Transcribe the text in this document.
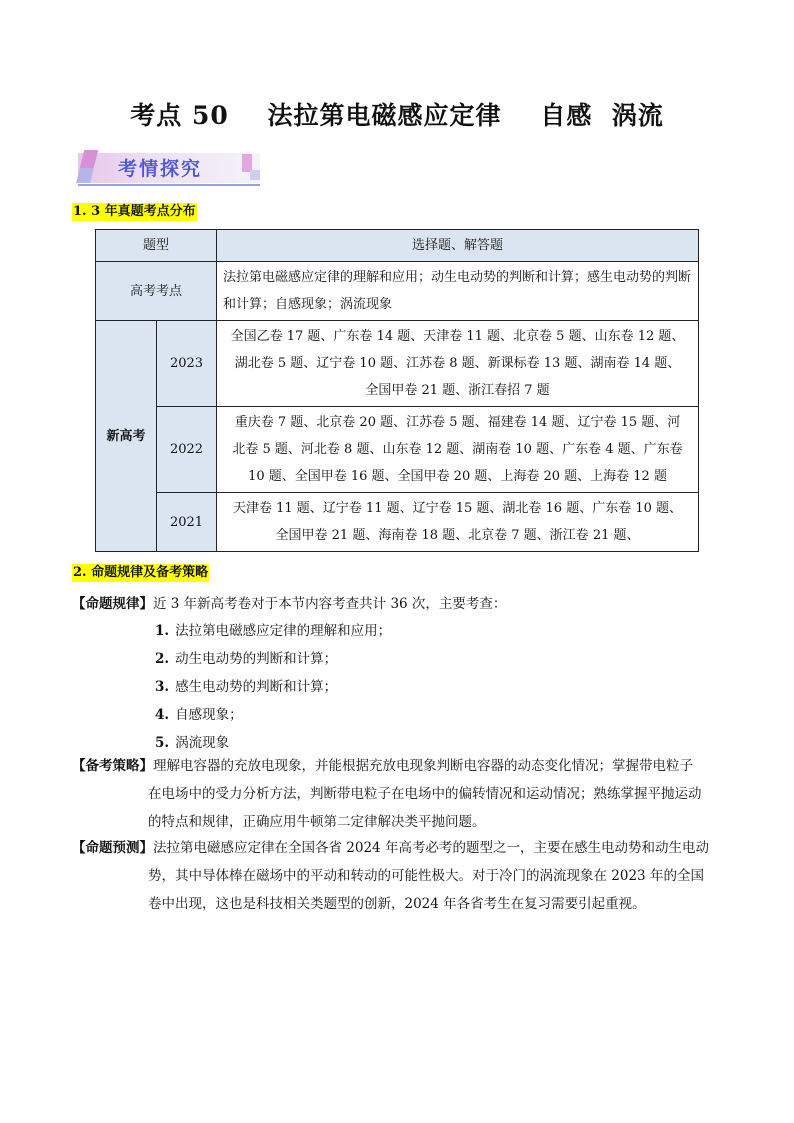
考点 50    法拉第电磁感应定律    自感  涡流
考情探究
1. 3 年真题考点分布
题型		选择题、解答题
高考考点		法拉第电磁感应定律的理解和应用；动生电动势的判断和计算；感生电动势的判断和计算；自感现象；涡流现象
新高考	2023	全国乙卷 17 题、广东卷 14 题、天津卷 11 题、北京卷 5 题、山东卷 12 题、
湖北卷 5 题、辽宁卷 10 题、江苏卷 8 题、新课标卷 13 题、湖南卷 14 题、
全国甲卷 21 题、浙江春招 7 题

	2022	重庆卷 7 题、北京卷 20 题、江苏卷 5 题、福建卷 14 题、辽宁卷 15 题、河
北卷 5 题、河北卷 8 题、山东卷 12 题、湖南卷 10 题、广东卷 4 题、广东卷
10 题、全国甲卷 16 题、全国甲卷 20 题、上海卷 20 题、上海卷 12 题

	2021	天津卷 11 题、辽宁卷 11 题、辽宁卷 15 题、湖北卷 16 题、广东卷 10 题、
全国甲卷 21 题、海南卷 18 题、北京卷 7 题、浙江卷 21 题、
2. 命题规律及备考策略
【命题规律】近 3 年新高考卷对于本节内容考查共计 36 次，主要考查：
1. 法拉第电磁感应定律的理解和应用；
2. 动生电动势的判断和计算；
3. 感生电动势的判断和计算；
4. 自感现象；
5. 涡流现象
【备考策略】理解电容器的充放电现象，并能根据充放电现象判断电容器的动态变化情况；掌握带电粒子
在电场中的受力分析方法，判断带电粒子在电场中的偏转情况和运动情况；熟练掌握平抛运动
的特点和规律，正确应用牛顿第二定律解决类平抛问题。
【命题预测】法拉第电磁感应定律在全国各省 2024 年高考必考的题型之一，主要在感生电动势和动生电动
势，其中导体棒在磁场中的平动和转动的可能性极大。对于冷门的涡流现象在 2023 年的全国
卷中出现，这也是科技相关类题型的创新，2024 年各省考生在复习需要引起重视。
